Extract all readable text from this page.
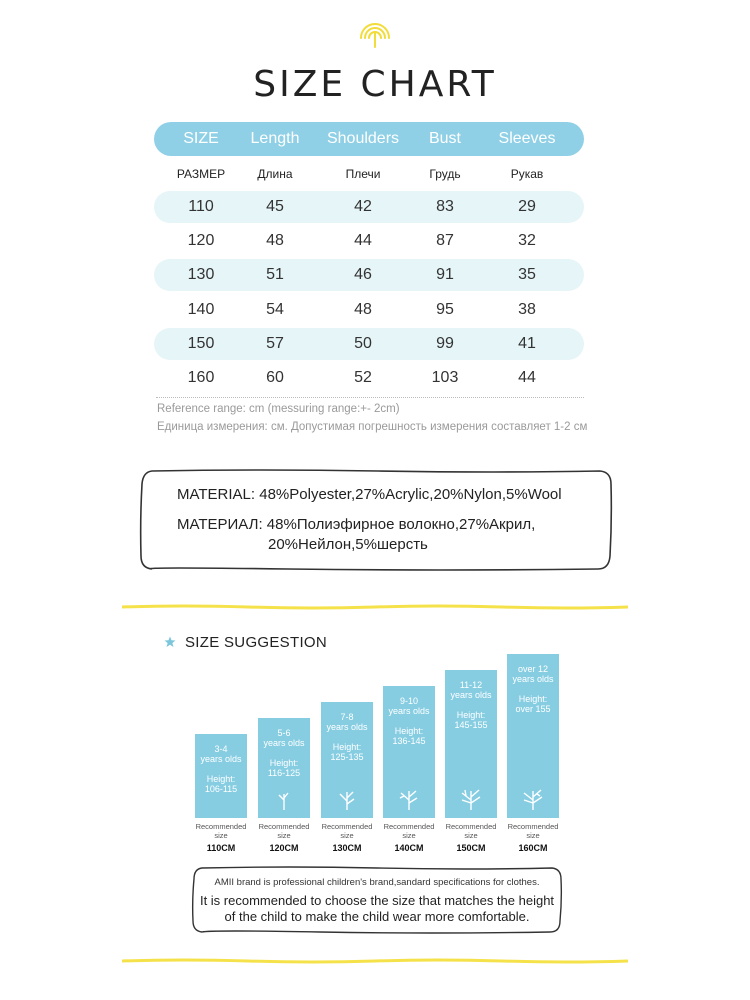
SIZE CHART
SIZE	Length	Shoulders	Bust	Sleeves
РАЗМЕР	Длина	Плечи	Грудь	Рукав
110	45	42	83	29
120	48	44	87	32
130	51	46	91	35
140	54	48	95	38
150	57	50	99	41
160	60	52	103	44
Reference range: cm (messuring range:+- 2cm)
Единица измерения: см. Допустимая погрешность измерения составляет 1-2 см
MATERIAL: 48%Polyester,27%Acrylic,20%Nylon,5%Wool
МАТЕРИАЛ: 48%Полиэфирное волокно,27%Акрил,
20%Нейлон,5%шерсть
SIZE SUGGESTION
3-4
years olds
Height:
106-115
5-6
years olds
Height:
116-125
7-8
years olds
Height:
125-135
9-10
years olds
Height:
136-145
11-12
years olds
Height:
145-155
over 12
years olds
Height:
over 155
Recommended
size
Recommended
size
Recommended
size
Recommended
size
Recommended
size
Recommended
size
110CM	120CM	130CM	140CM	150CM	160CM
AMII brand is professional children's brand,sandard specifications for clothes.
It is recommended to choose the size that matches the height
of the child to make the child wear more comfortable.
